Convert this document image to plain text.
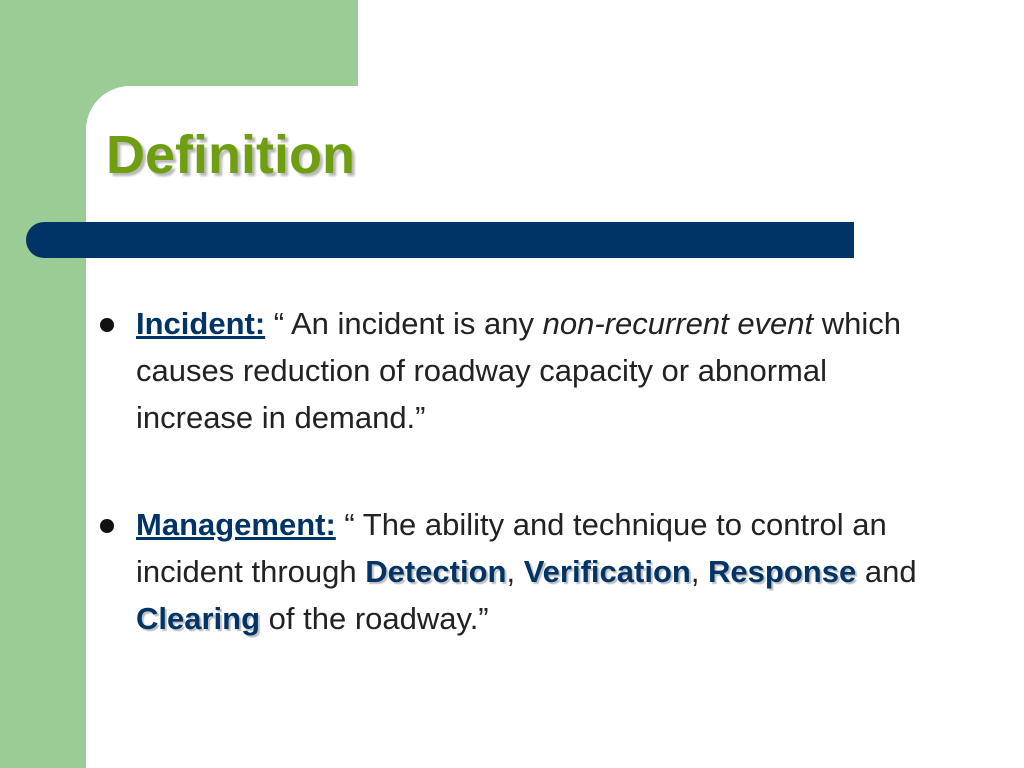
Definition

Incident: “ An incident is any non-recurrent event which causes reduction of roadway capacity or abnormal increase in demand.”

Management: “ The ability and technique to control an incident through Detection, Verification, Response and Clearing of the roadway.”
